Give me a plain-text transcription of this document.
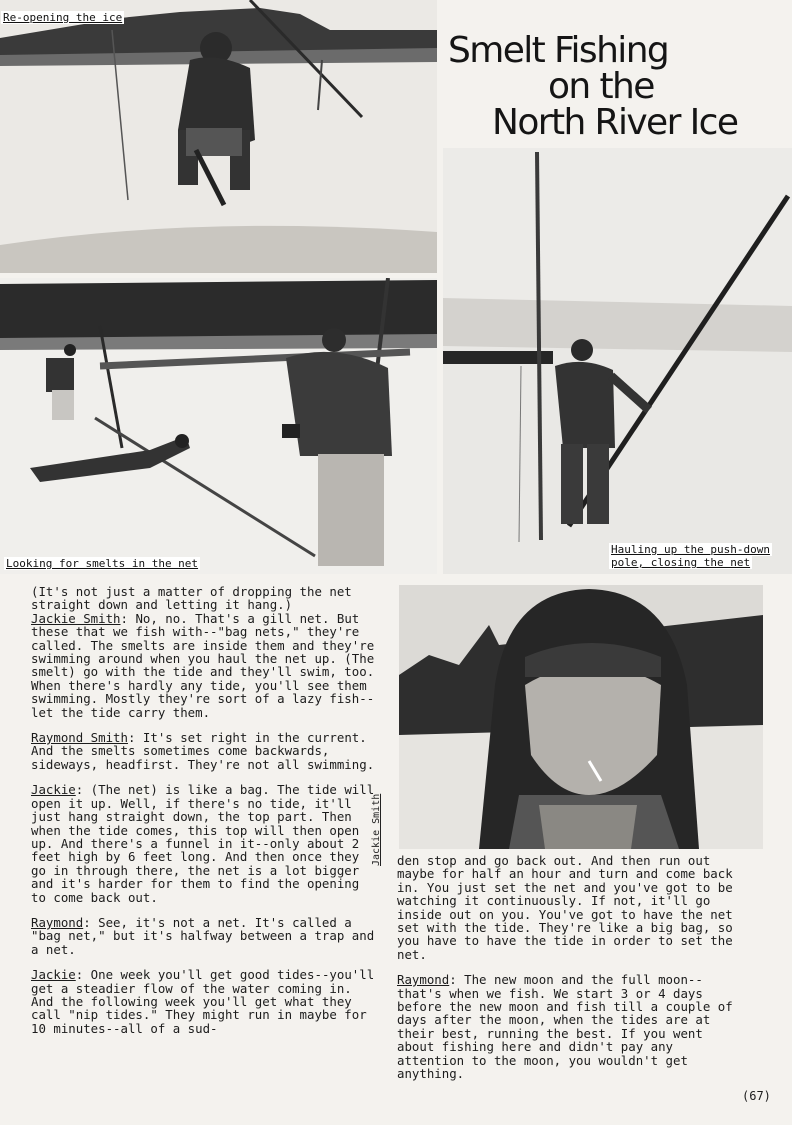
Re-opening the ice
Smelt Fishing
on the
North River Ice
Hauling up the push-down
pole, closing the net
Looking for smelts in the net
Jackie Smith

(It's not just a matter of dropping the net straight down and letting it hang.)
Jackie Smith: No, no. That's a gill net. But these that we fish with--"bag nets," they're called. The smelts are inside them and they're swimming around when you haul the net up. (The smelt) go with the tide and they'll swim, too. When there's hardly any tide, you'll see them swimming. Mostly they're sort of a lazy fish--let the tide carry them.

Raymond Smith: It's set right in the current. And the smelts sometimes come backwards, sideways, headfirst. They're not all swimming.

Jackie: (The net) is like a bag. The tide will open it up. Well, if there's no tide, it'll just hang straight down, the top part. Then when the tide comes, this top will then open up. And there's a funnel in it--only about 2 feet high by 6 feet long. And then once they go in through there, the net is a lot bigger and it's harder for them to find the opening to come back out.

Raymond: See, it's not a net. It's called a "bag net," but it's halfway between a trap and a net.

Jackie: One week you'll get good tides--you'll get a steadier flow of the water coming in. And the following week you'll get what they call "nip tides." They might run in maybe for 10 minutes--all of a sud-

den stop and go back out. And then run out maybe for half an hour and turn and come back in. You just set the net and you've got to be watching it continuously. If not, it'll go inside out on you. You've got to have the net set with the tide. They're like a big bag, so you have to have the tide in order to set the net.

Raymond: The new moon and the full moon--that's when we fish. We start 3 or 4 days before the new moon and fish till a couple of days after the moon, when the tides are at their best, running the best. If you went about fishing here and didn't pay any attention to the moon, you wouldn't get anything.

(67)
